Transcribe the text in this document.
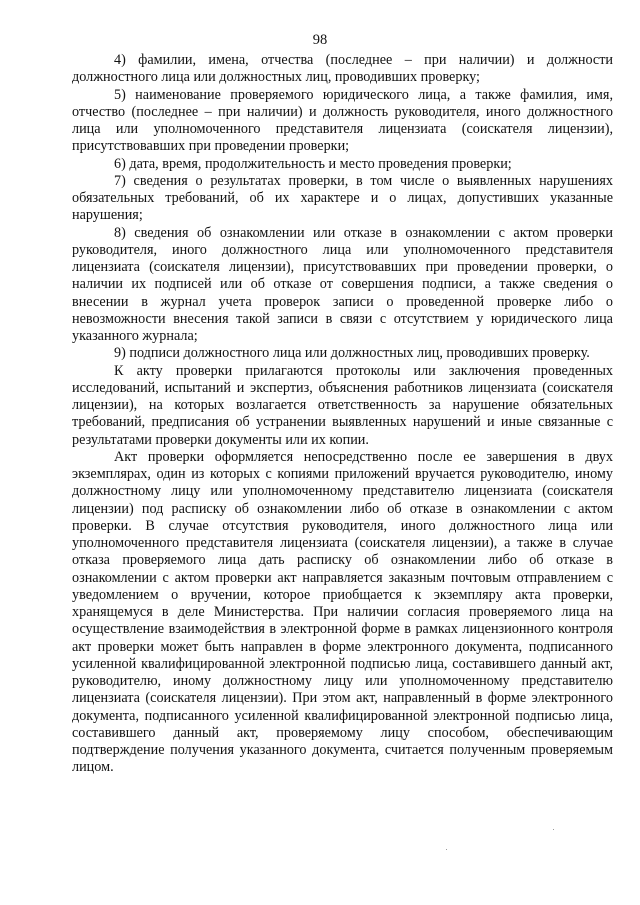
98

4) фамилии, имена, отчества (последнее – при наличии) и должности должностного лица или должностных лиц, проводивших проверку;

5) наименование проверяемого юридического лица, а также фамилия, имя, отчество (последнее – при наличии) и должность руководителя, иного должностного лица или уполномоченного представителя лицензиата (соискателя лицензии), присутствовавших при проведении проверки;

6) дата, время, продолжительность и место проведения проверки;

7) сведения о результатах проверки, в том числе о выявленных нарушениях обязательных требований, об их характере и о лицах, допустивших указанные нарушения;

8) сведения об ознакомлении или отказе в ознакомлении с актом проверки руководителя, иного должностного лица или уполномоченного представителя лицензиата (соискателя лицензии), присутствовавших при проведении проверки, о наличии их подписей или об отказе от совершения подписи, а также сведения о внесении в журнал учета проверок записи о проведенной проверке либо о невозможности внесения такой записи в связи с отсутствием у юридического лица указанного журнала;

9) подписи должностного лица или должностных лиц, проводивших проверку.

К акту проверки прилагаются протоколы или заключения проведенных исследований, испытаний и экспертиз, объяснения работников лицензиата (соискателя лицензии), на которых возлагается ответственность за нарушение обязательных требований, предписания об устранении выявленных нарушений и иные связанные с результатами проверки документы или их копии.

Акт проверки оформляется непосредственно после ее завершения в двух экземплярах, один из которых с копиями приложений вручается руководителю, иному должностному лицу или уполномоченному представителю лицензиата (соискателя лицензии) под расписку об ознакомлении либо об отказе в ознакомлении с актом проверки. В случае отсутствия руководителя, иного должностного лица или уполномоченного представителя лицензиата (соискателя лицензии), а также в случае отказа проверяемого лица дать расписку об ознакомлении либо об отказе в ознакомлении с актом проверки акт направляется заказным почтовым отправлением с уведомлением о вручении, которое приобщается к экземпляру акта проверки, хранящемуся в деле Министерства. При наличии согласия проверяемого лица на осуществление взаимодействия в электронной форме в рамках лицензионного контроля акт проверки может быть направлен в форме электронного документа, подписанного усиленной квалифицированной электронной подписью лица, составившего данный акт, руководителю, иному должностному лицу или уполномоченному представителю лицензиата (соискателя лицензии). При этом акт, направленный в форме электронного документа, подписанного усиленной квалифицированной электронной подписью лица, составившего данный акт, проверяемому лицу способом, обеспечивающим подтверждение получения указанного документа, считается полученным проверяемым лицом.
